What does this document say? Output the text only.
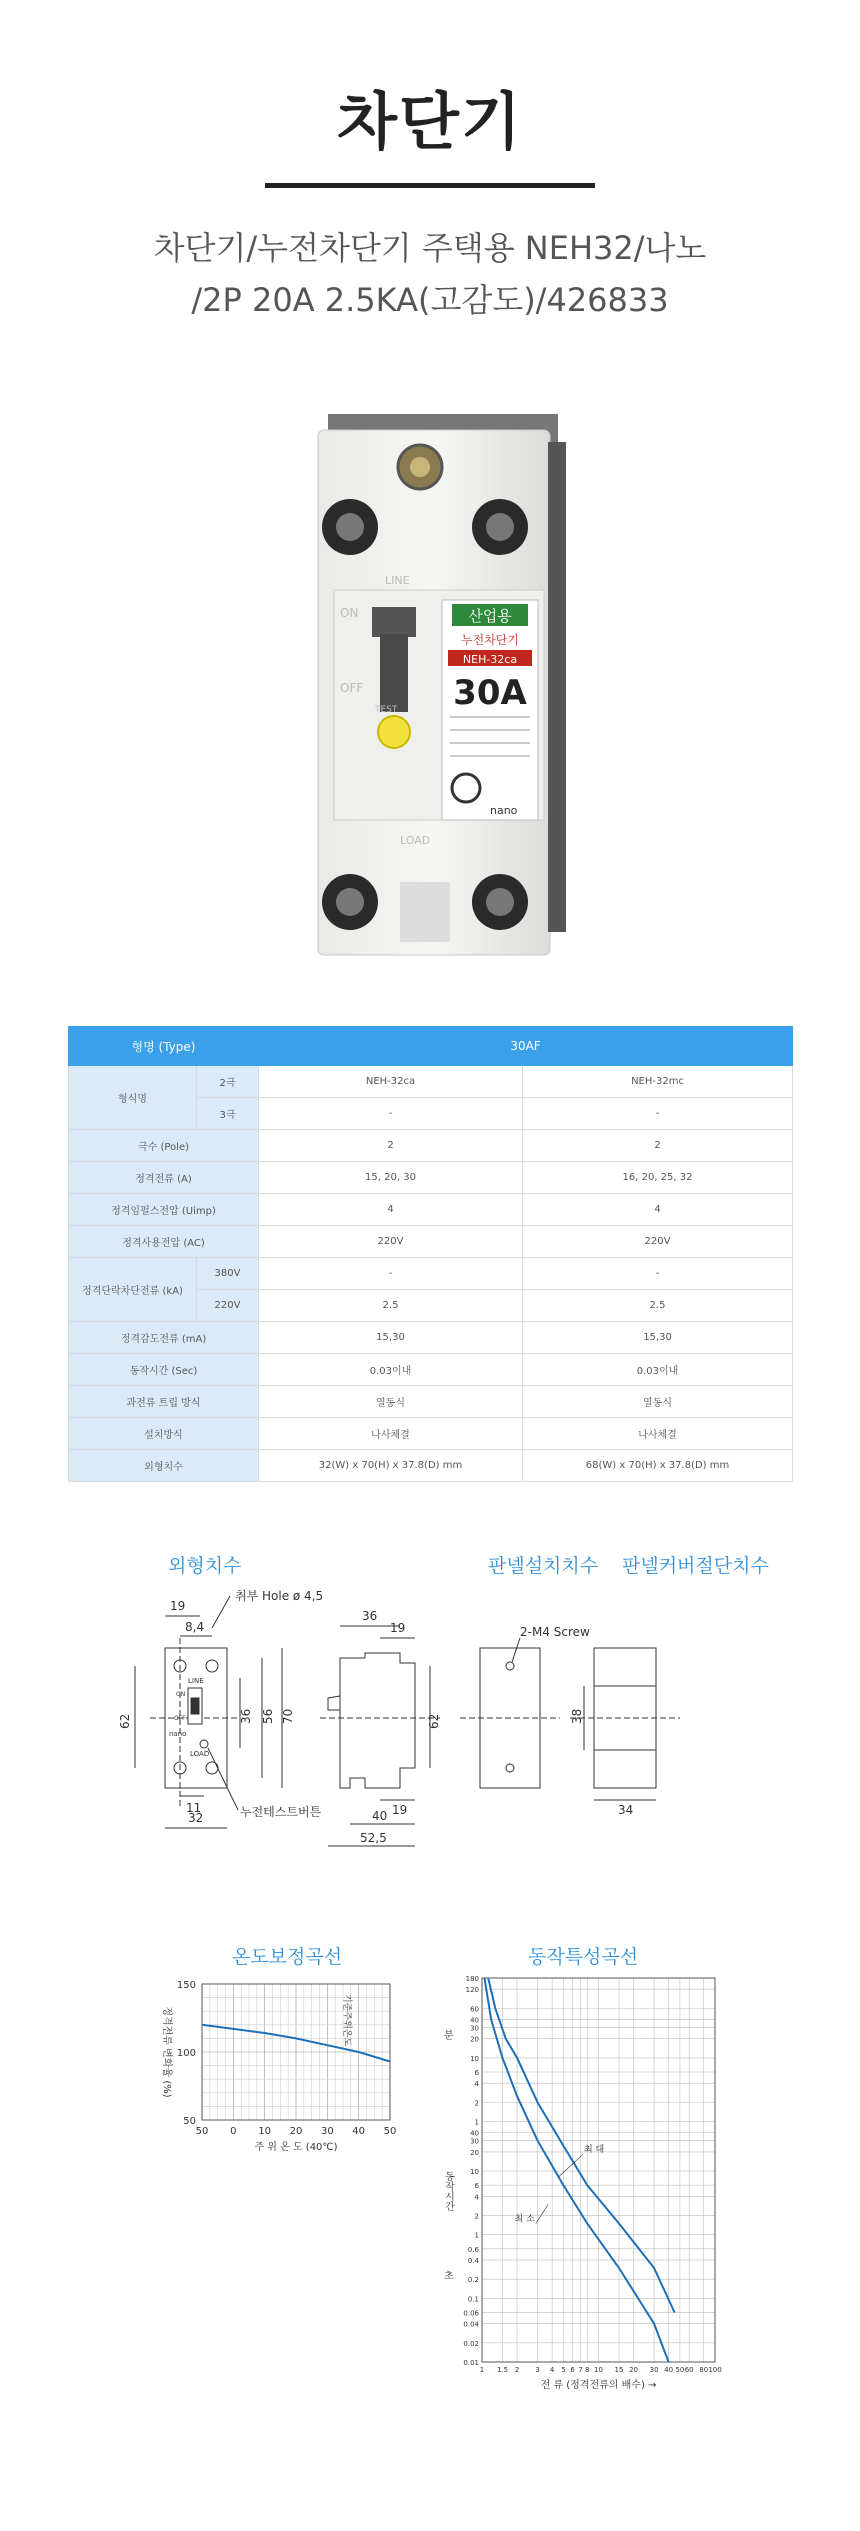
차단기
차단기/누전차단기 주택용 NEH32/나노
/2P 20A 2.5KA(고감도)/426833
LINE
ON
OFF
TEST
산업용
누전차단기
NEH-32ca
30A
nano
LOAD
형명 (Type)		30AF	
형식명	2극	NEH-32ca	NEH-32mc
	3극	-	-
극수 (Pole)		2	2
정격전류 (A)		15, 20, 30	16, 20, 25, 32
정격임펄스전압 (Uimp)		4	4
정격사용전압 (AC)		220V	220V
정격단락차단전류 (kA)	380V	-	-
	220V	2.5	2.5
정격감도전류 (mA)		15,30	15,30
동작시간 (Sec)		0.03이내	0.03이내
과전류 트립 방식		열동식	열동식
설치방식		나사체결	나사체결
외형치수		32(W) x 70(H) x 37.8(D) mm	68(W) x 70(H) x 37.8(D) mm
외형치수	판넬설치치수 판넬커버절단치수
LINE
ON
OFF
nano
LOAD
19
8,4
62	36 56 70
11
32
취부 Hole ø 4,5
누전테스트버튼
36
19
62
19
40
52,5
2-M4 Screw
38
34
온도보정곡선	동작특성곡선
150
100
50
50 0 10 20 30 40 50
주 위 온 도 (40℃)
정격전류 변화율 (%)	기준주위온도
180
120
60
40
30
20
10
6
4
2
1
40
30
20
10
6
4
2
1
0.6
0.4
0.2
0.1
0.06
0.04
0.02
0.01
1 1.5 2 3 4 5 6 7 8 10 15 20 30 40 50 60 80 100
전 류 (정격전류의 배수) →
분
초
동작시간
최 대
최 소
